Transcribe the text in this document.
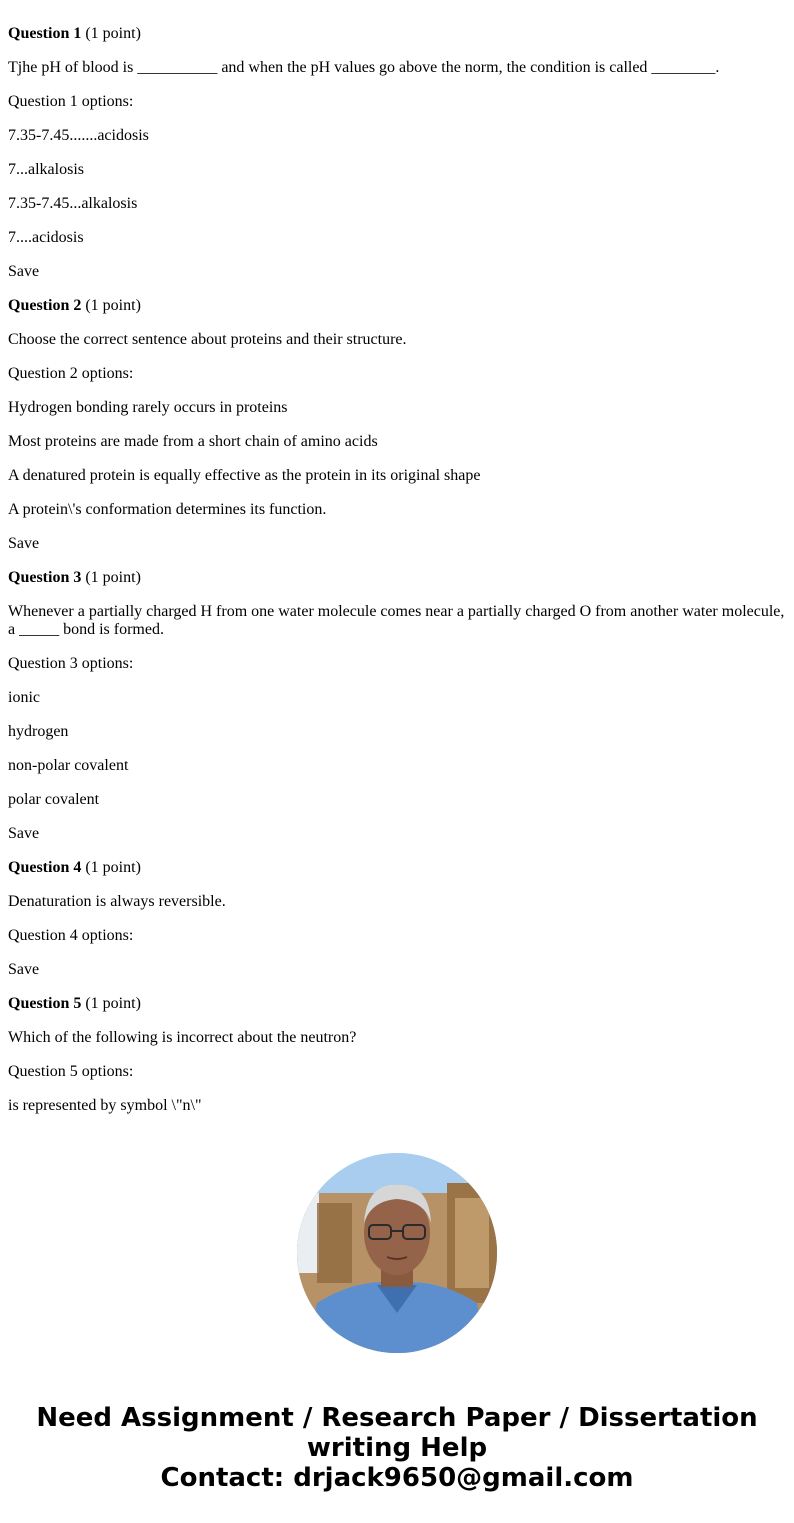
Question 1 (1 point)
Tjhe pH of blood is __________ and when the pH values go above the norm, the condition is called ________.
Question 1 options:
7.35-7.45.......acidosis
7...alkalosis
7.35-7.45...alkalosis
7....acidosis
Save
Question 2 (1 point)
Choose the correct sentence about proteins and their structure.
Question 2 options:
Hydrogen bonding rarely occurs in proteins
Most proteins are made from a short chain of amino acids
A denatured protein is equally effective as the protein in its original shape
A protein\'s conformation determines its function.
Save
Question 3 (1 point)
Whenever a partially charged H from one water molecule comes near a partially charged O from another water molecule, a _____ bond is formed.
Question 3 options:
ionic
hydrogen
non-polar covalent
polar covalent
Save
Question 4 (1 point)
Denaturation is always reversible.
Question 4 options:
Save
Question 5 (1 point)
Which of the following is incorrect about the neutron?
Question 5 options:
is represented by symbol \"n\"
Need Assignment / Research Paper / Dissertation
writing Help
Contact: drjack9650@gmail.com
